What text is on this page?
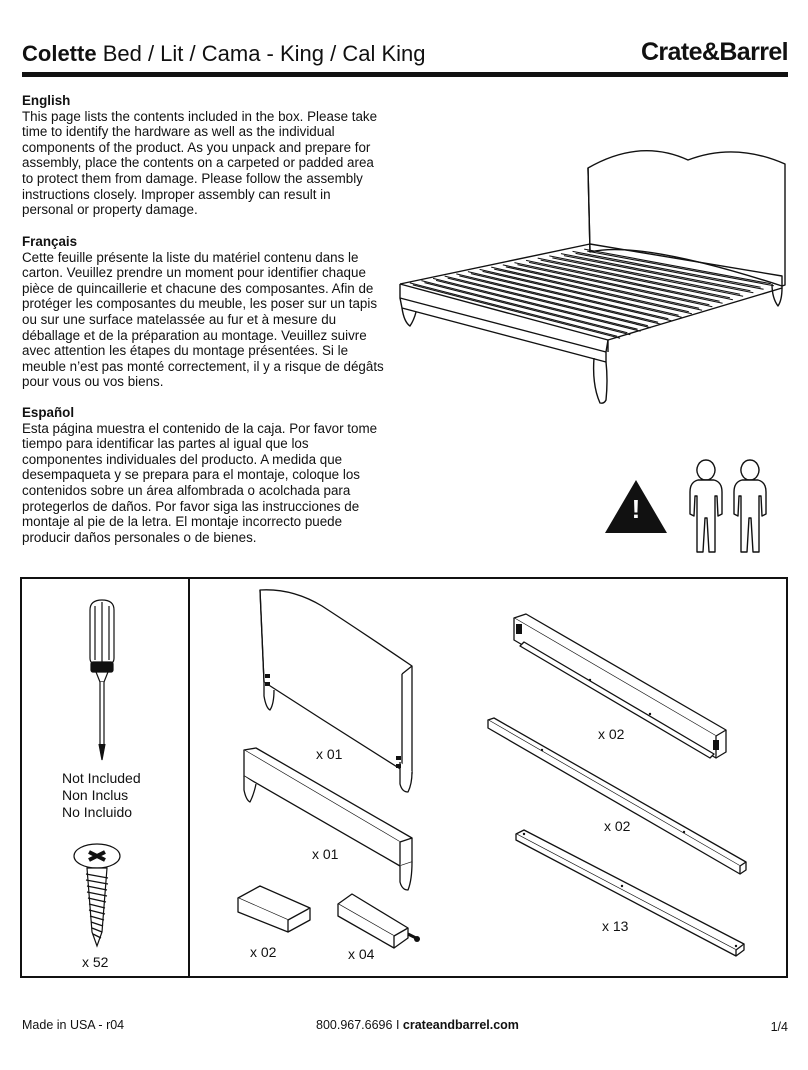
Colette Bed / Lit / Cama - King / Cal King	Crate&Barrel
English

This page lists the contents included in the box. Please take time to identify the hardware as well as the individual components of the product. As you unpack and prepare for assembly, place the contents on a carpeted or padded area to protect them from damage. Please follow the assembly instructions closely. Improper assembly can result in personal or property damage.

Français

Cette feuille présente la liste du matériel contenu dans le carton. Veuillez prendre un moment pour identifier chaque pièce de quincaillerie et chacune des composantes. Afin de protéger les composantes du meuble, les poser sur un tapis ou sur une surface matelassée au fur et à mesure du déballage et de la préparation au montage. Veuillez suivre avec attention les étapes du montage présentées. Si le meuble n’est pas monté correctement, il y a risque de dégâts pour vous ou vos biens.

Español

Esta página muestra el contenido de la caja. Por favor tome tiempo para identificar las partes al igual que los componentes individuales del producto. A medida que desempaqueta y se prepara para el montaje, coloque los contenidos sobre un área alfombrada o acolchada para protegerlos de daños. Por favor siga las instrucciones de montaje al pie de la letra. El montaje incorrecto puede producir daños personales o de bienes.

!
Not Included
Non Inclus
No Incluido
x 52
x 01
x 01
x 02	x 04
x 02
x 02
x 13
Made in USA - r04	800.967.6696 I crateandbarrel.com	1/4
